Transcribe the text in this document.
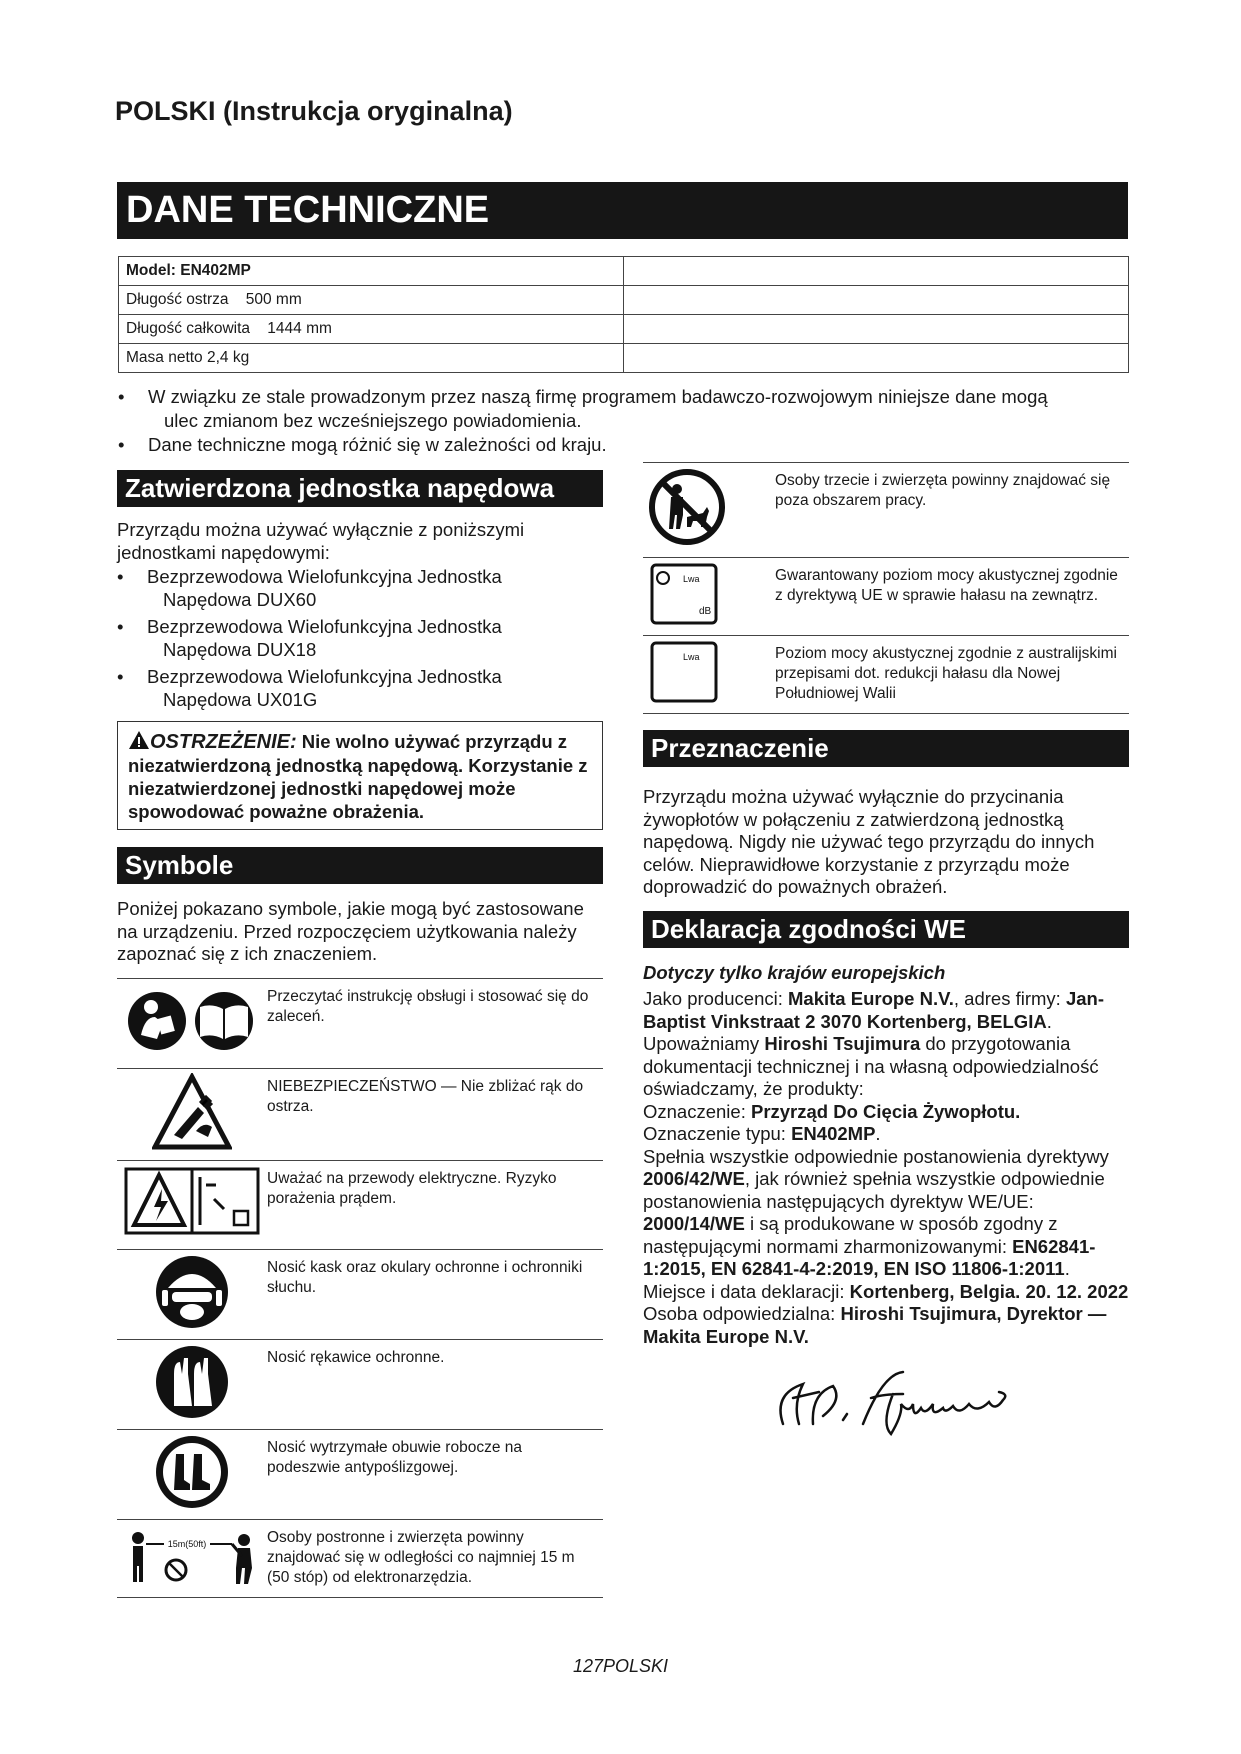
POLSKI (Instrukcja oryginalna)
DANE TECHNICZNE
Model: EN402MP	
Długość ostrza    500 mm	
Długość całkowita    1444 mm	
Masa netto 2,4 kg	
• W związku ze stale prowadzonym przez naszą firmę programem badawczo-rozwojowym niniejsze dane mogą
ulec zmianom bez wcześniejszego powiadomienia.
• Dane techniczne mogą różnić się w zależności od kraju.
Zatwierdzona jednostka napędowa

Przyrządu można używać wyłącznie z poniższymi jednostkami napędowymi:

• Bezprzewodowa Wielofunkcyjna Jednostka
Napędowa DUX60
• Bezprzewodowa Wielofunkcyjna Jednostka
Napędowa DUX18
• Bezprzewodowa Wielofunkcyjna Jednostka
Napędowa UX01G
OSTRZEŻENIE: Nie wolno używać przyrządu z niezatwierdzoną jednostką napędową. Korzystanie z niezatwierdzonej jednostki napędowej może spowodować poważne obrażenia.
Symbole

Poniżej pokazano symbole, jakie mogą być zastosowane na urządzeniu. Przed rozpoczęciem użytkowania należy zapoznać się z ich znaczeniem.

	Przeczytać instrukcję obsługi i stosować się do zaleceń.
	NIEBEZPIECZEŃSTWO — Nie zbliżać rąk do ostrza.
	Uważać na przewody elektryczne. Ryzyko porażenia prądem.
	Nosić kask oraz okulary ochronne i ochronniki słuchu.
	Nosić rękawice ochronne.
	Nosić wytrzymałe obuwie robocze na podeszwie antypoślizgowej.

15m(50ft)	Osoby postronne i zwierzęta powinny znajdować się w odległości co najmniej 15 m (50 stóp) od elektronarzędzia.
	Osoby trzecie i zwierzęta powinny znajdować się poza obszarem pracy.

Lwa
dB	Gwarantowany poziom mocy akustycznej zgodnie z dyrektywą UE w sprawie hałasu na zewnątrz.

Lwa	Poziom mocy akustycznej zgodnie z australijskimi przepisami dot. redukcji hałasu dla Nowej Południowej Walii
Przeznaczenie

Przyrządu można używać wyłącznie do przycinania żywopłotów w połączeniu z zatwierdzoną jednostką napędową. Nigdy nie używać tego przyrządu do innych celów. Nieprawidłowe korzystanie z przyrządu może doprowadzić do poważnych obrażeń.

Deklaracja zgodności WE

Dotyczy tylko krajów europejskich

Jako producenci: Makita Europe N.V., adres firmy: Jan-Baptist Vinkstraat 2 3070 Kortenberg, BELGIA. Upoważniamy Hiroshi Tsujimura do przygotowania dokumentacji technicznej i na własną odpowiedzialność oświadczamy, że produkty:
Oznaczenie: Przyrząd Do Cięcia Żywopłotu.
Oznaczenie typu: EN402MP.
Spełnia wszystkie odpowiednie postanowienia dyrektywy 2006/42/WE, jak również spełnia wszystkie odpowiednie postanowienia następujących dyrektyw WE/UE: 2000/14/WE i są produkowane w sposób zgodny z następującymi normami zharmonizowanymi: EN62841-1:2015, EN 62841-4-2:2019, EN ISO 11806-1:2011.
Miejsce i data deklaracji: Kortenberg, Belgia. 20. 12. 2022
Osoba odpowiedzialna: Hiroshi Tsujimura, Dyrektor — Makita Europe N.V.

127POLSKI
